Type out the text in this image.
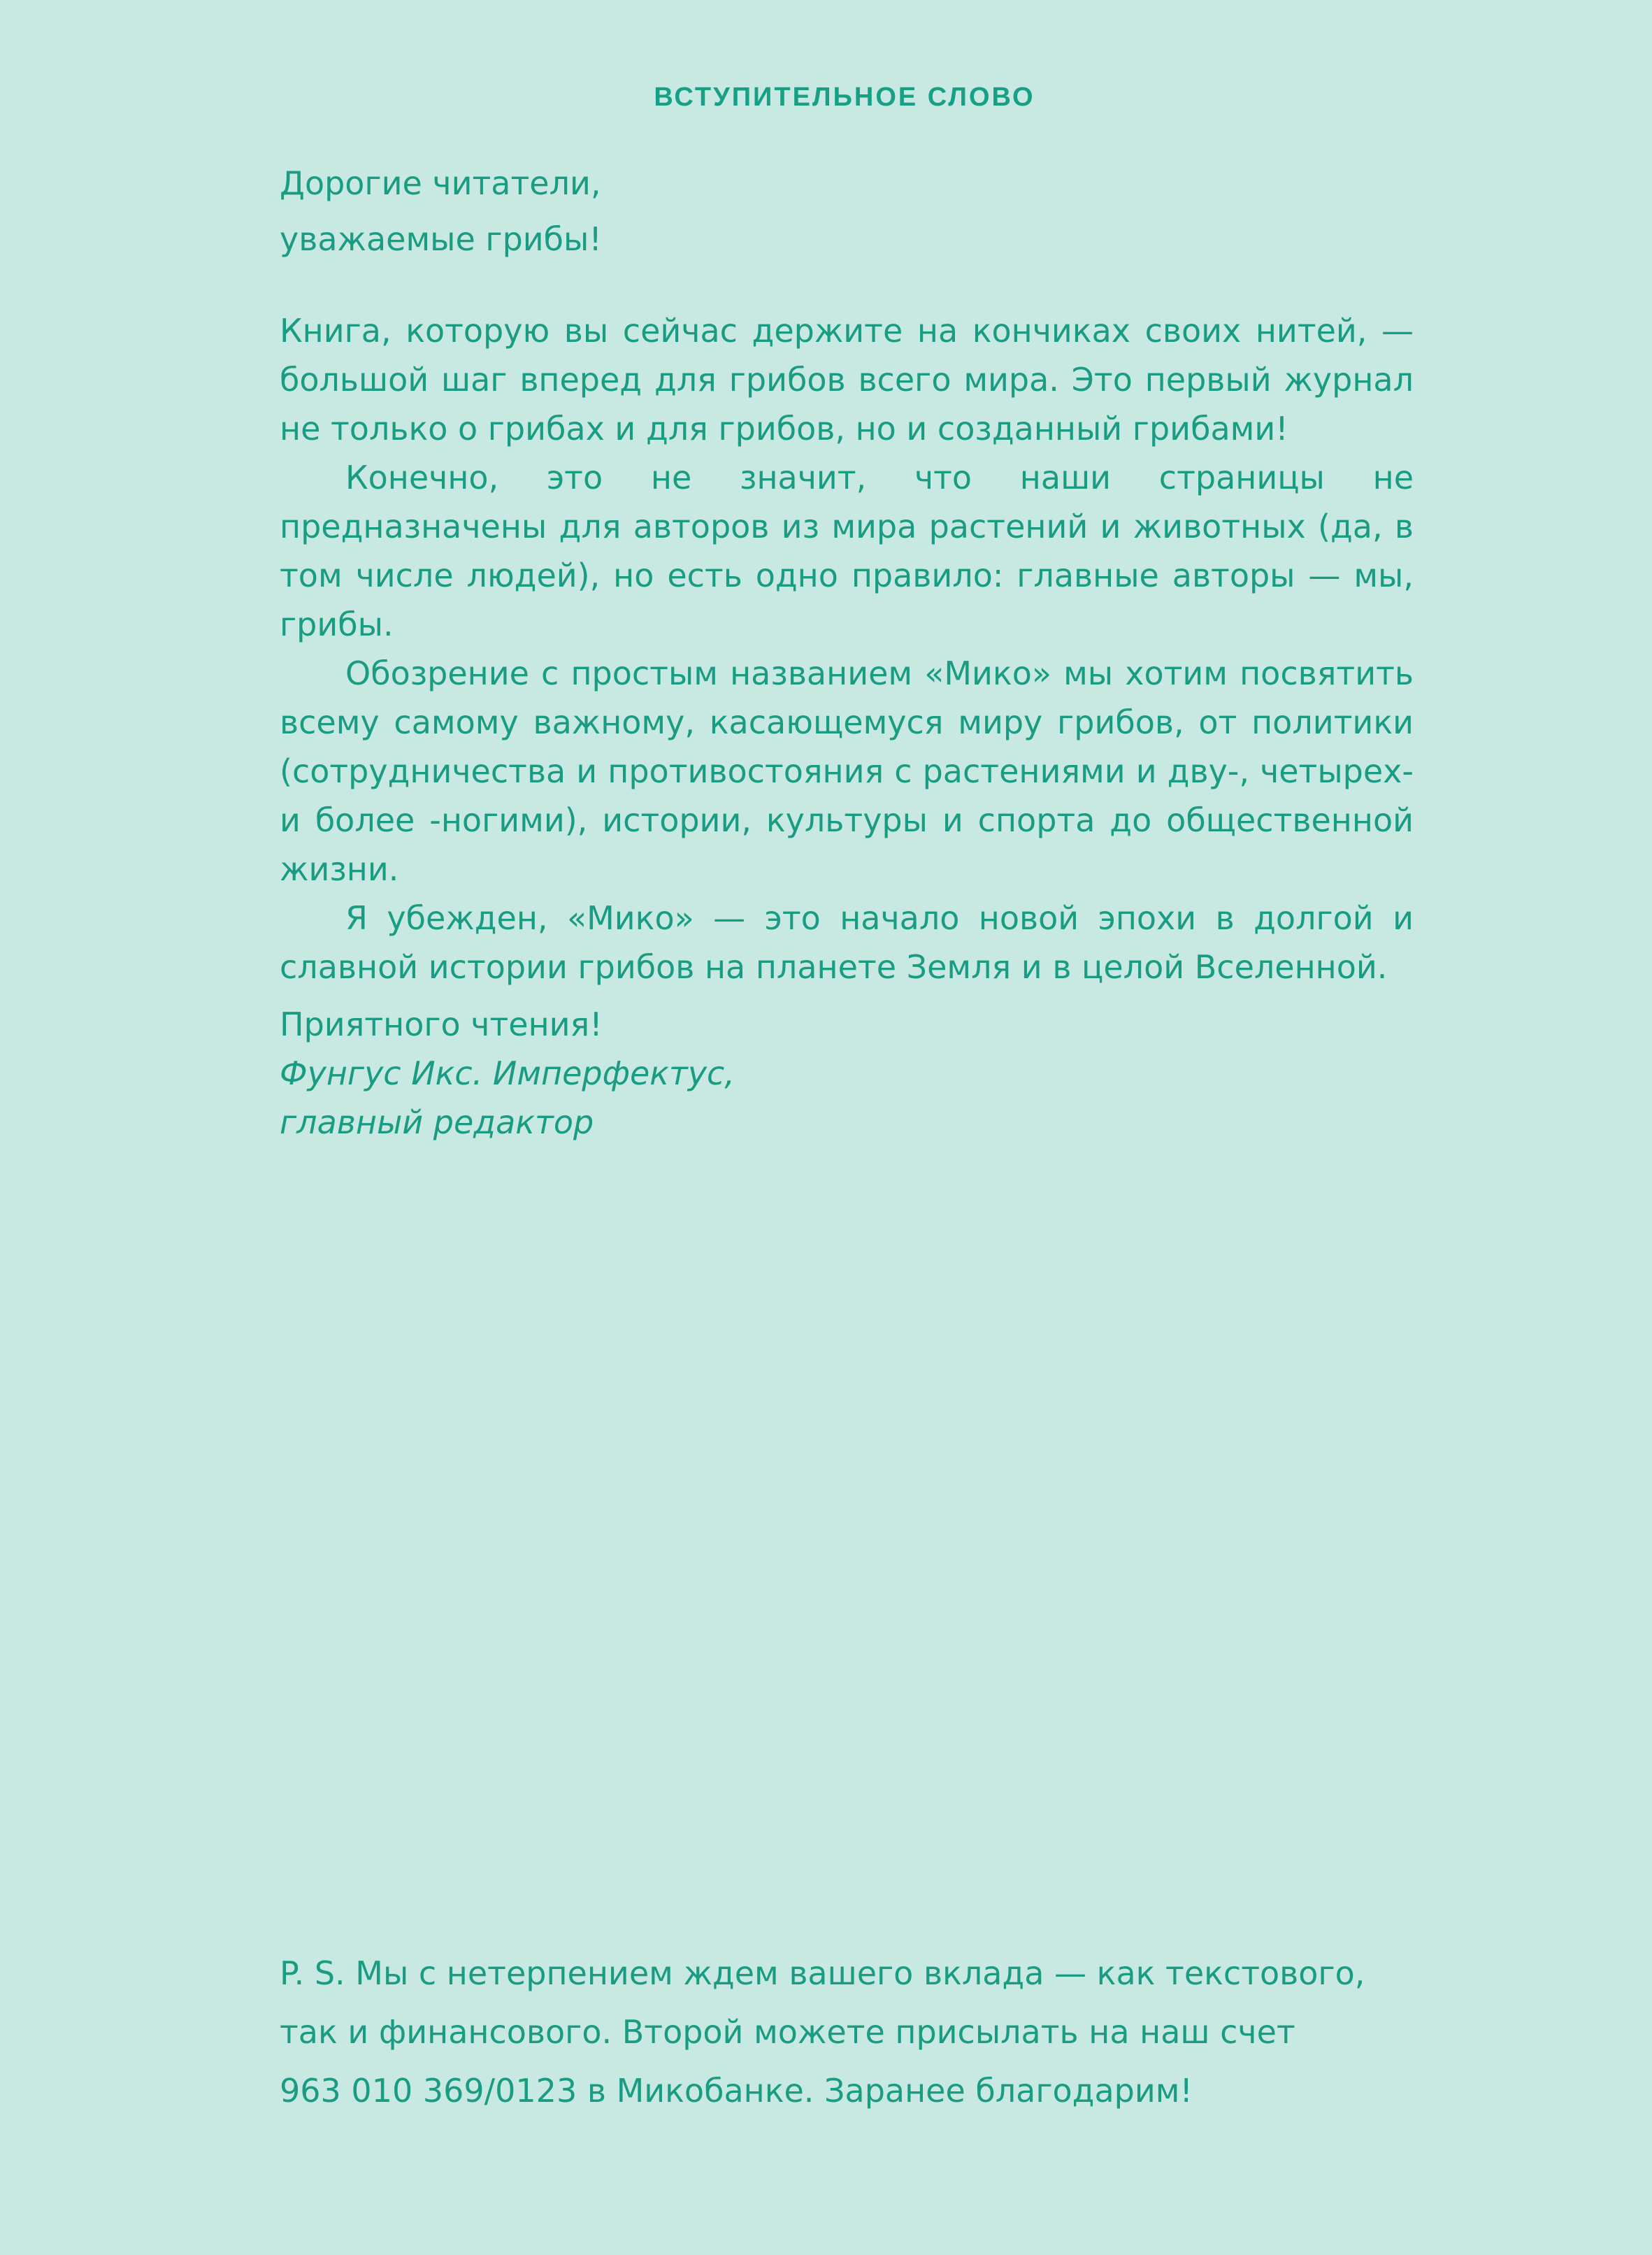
ВСТУПИТЕЛЬНОЕ СЛОВО
Дорогие читатели,
уважаемые грибы!

Книга, которую вы сейчас держите на кончиках своих нитей, — большой шаг вперед для грибов всего мира. Это первый журнал не только о грибах и для грибов, но и созданный грибами!

Конечно, это не значит, что наши страницы не предназначены для авторов из мира растений и животных (да, в том числе людей), но есть одно правило: главные авторы — мы, грибы.

Обозрение с простым названием «Мико» мы хотим посвятить всему самому важному, касающемуся миру грибов, от политики (сотрудничества и противостояния с растениями и дву-, четырех- и более -ногими), истории, культуры и спорта до общественной жизни.

Я убежден, «Мико» — это начало новой эпохи в долгой и славной истории грибов на планете Земля и в целой Вселенной.

Приятного чтения!
Фунгус Икс. Имперфектус,
главный редактор
P. S. Мы с нетерпением ждем вашего вклада — как текстового,
так и финансового. Второй можете присылать на наш счет
963 010 369/0123 в Микобанке. Заранее благодарим!
